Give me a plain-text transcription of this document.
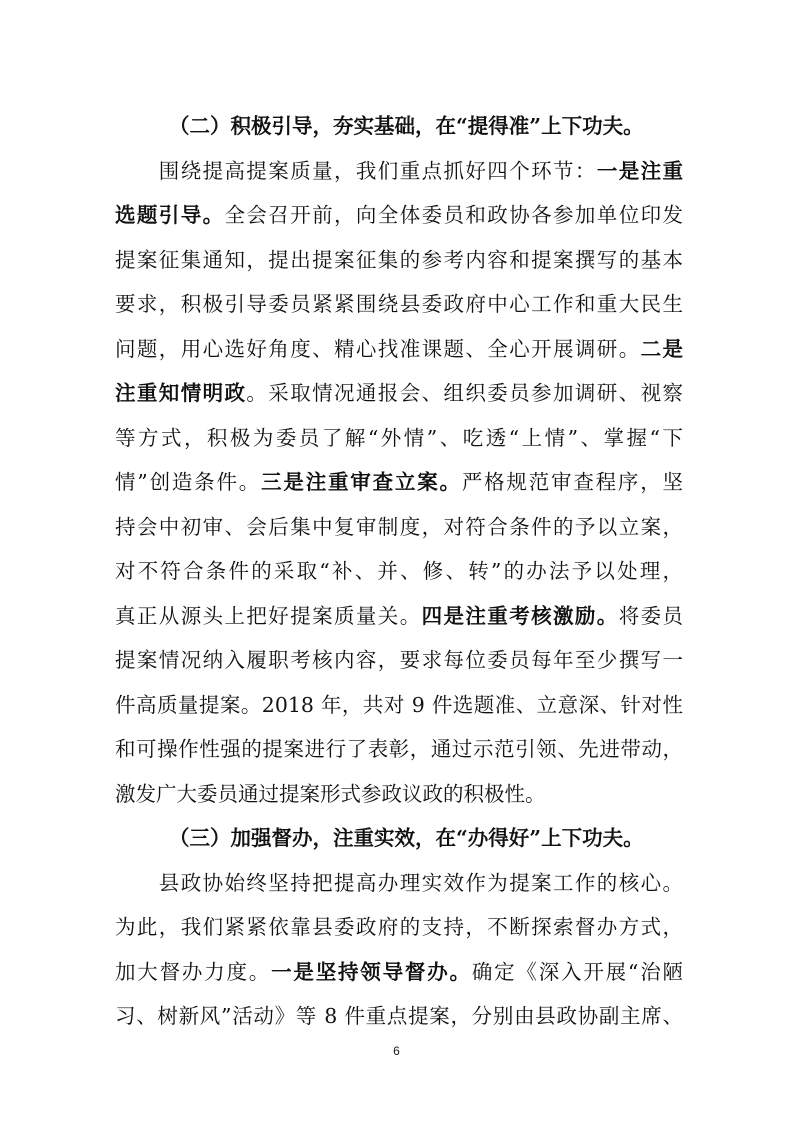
（二）积极引导，夯实基础，在“提得准”上下功夫。
　　围绕提高提案质量，我们重点抓好四个环节：一是注重
选题引导。全会召开前，向全体委员和政协各参加单位印发
提案征集通知，提出提案征集的参考内容和提案撰写的基本
要求，积极引导委员紧紧围绕县委政府中心工作和重大民生
问题，用心选好角度、精心找准课题、全心开展调研。二是
注重知情明政。采取情况通报会、组织委员参加调研、视察
等方式，积极为委员了解“外情”、吃透“上情”、掌握“下
情”创造条件。三是注重审查立案。严格规范审查程序，坚
持会中初审、会后集中复审制度，对符合条件的予以立案，
对不符合条件的采取“补、并、修、转”的办法予以处理，
真正从源头上把好提案质量关。四是注重考核激励。将委员
提案情况纳入履职考核内容，要求每位委员每年至少撰写一
件高质量提案。2018 年，共对 9 件选题准、立意深、针对性
和可操作性强的提案进行了表彰，通过示范引领、先进带动，
激发广大委员通过提案形式参政议政的积极性。
（三）加强督办，注重实效，在“办得好”上下功夫。
　　县政协始终坚持把提高办理实效作为提案工作的核心。
为此，我们紧紧依靠县委政府的支持，不断探索督办方式，
加大督办力度。一是坚持领导督办。确定《深入开展“治陋
习、树新风”活动》等 8 件重点提案，分别由县政协副主席、
6
